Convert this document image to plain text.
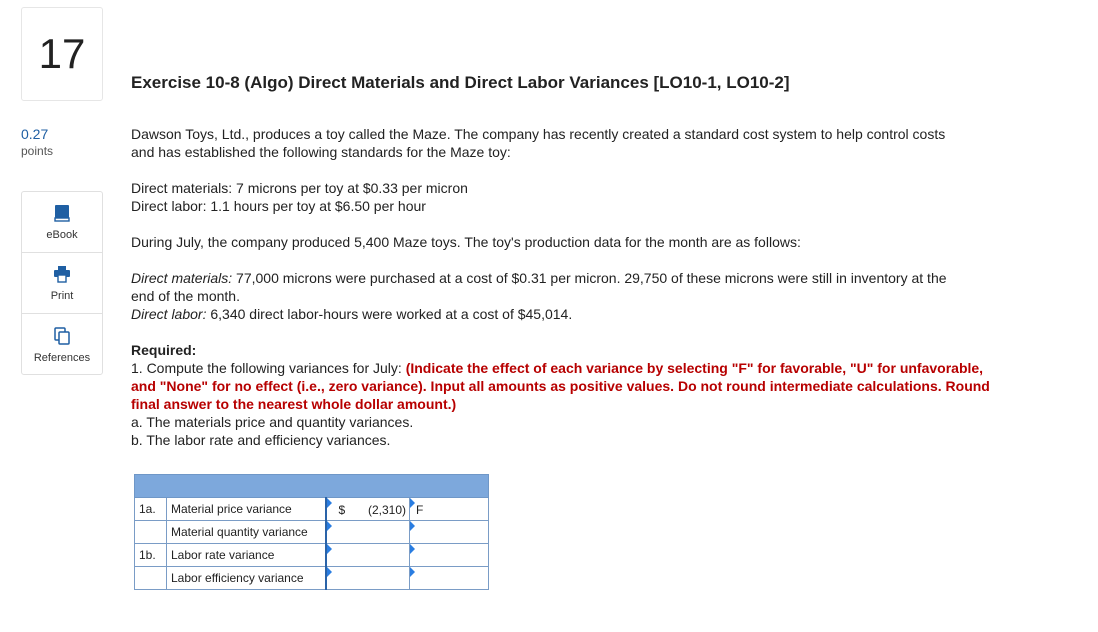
17
0.27
points
eBook
Print
References
Exercise 10-8 (Algo) Direct Materials and Direct Labor Variances [LO10-1, LO10-2]
Dawson Toys, Ltd., produces a toy called the Maze. The company has recently created a standard cost system to help control costs
and has established the following standards for the Maze toy:
Direct materials: 7 microns per toy at $0.33 per micron
Direct labor: 1.1 hours per toy at $6.50 per hour
During July, the company produced 5,400 Maze toys. The toy's production data for the month are as follows:
Direct materials: 77,000 microns were purchased at a cost of $0.31 per micron. 29,750 of these microns were still in inventory at the
end of the month.
Direct labor: 6,340 direct labor-hours were worked at a cost of $45,014.
Required:
1. Compute the following variances for July: (Indicate the effect of each variance by selecting "F" for favorable, "U" for unfavorable,
and "None" for no effect (i.e., zero variance). Input all amounts as positive values. Do not round intermediate calculations. Round
final answer to the nearest whole dollar amount.)
a. The materials price and quantity variances.
b. The labor rate and efficiency variances.

1a.	Material price variance	$ (2,310)	F

	Material quantity variance	

1b.	Labor rate variance	

	Labor efficiency variance	
